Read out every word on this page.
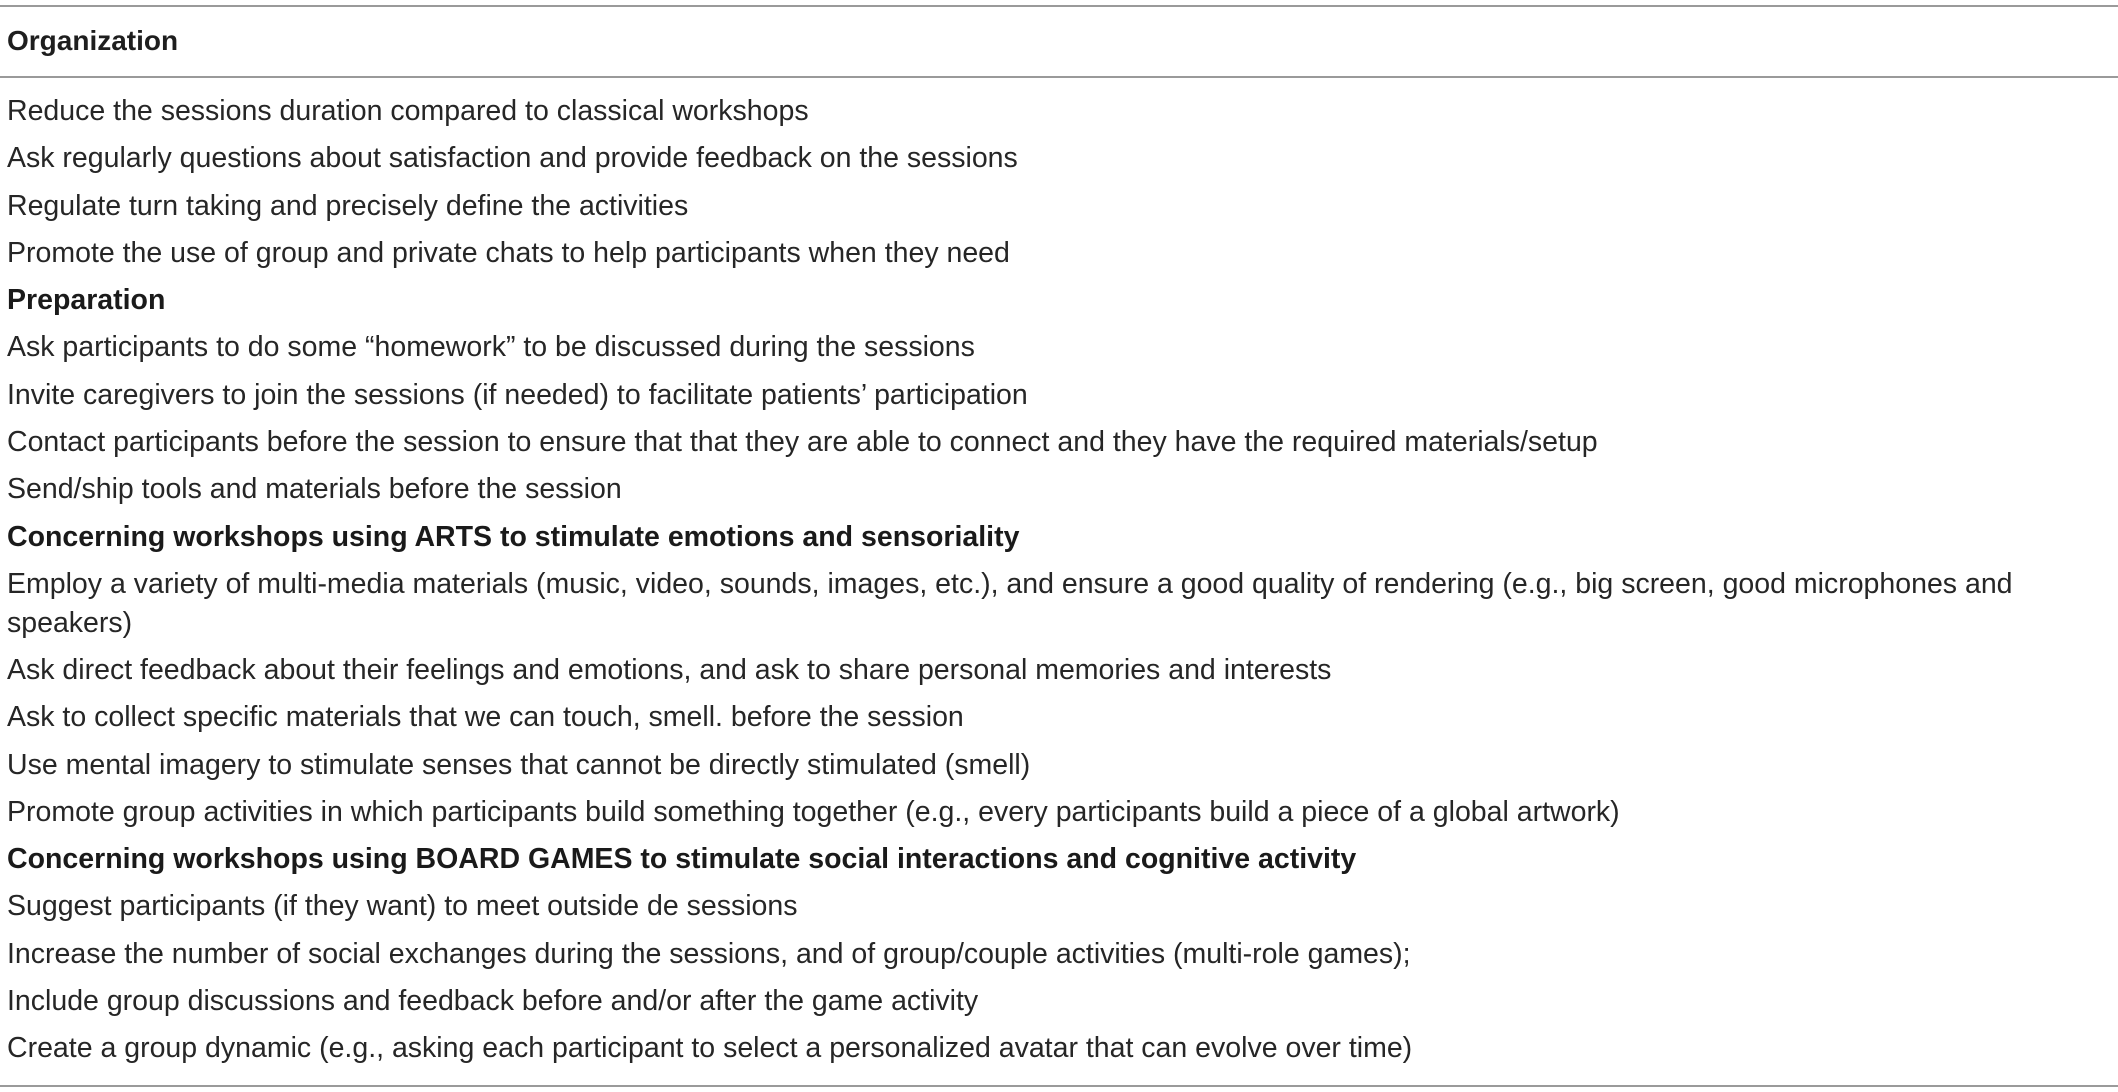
Organization
Reduce the sessions duration compared to classical workshops
Ask regularly questions about satisfaction and provide feedback on the sessions
Regulate turn taking and precisely define the activities
Promote the use of group and private chats to help participants when they need
Preparation
Ask participants to do some “homework” to be discussed during the sessions
Invite caregivers to join the sessions (if needed) to facilitate patients’ participation
Contact participants before the session to ensure that that they are able to connect and they have the required materials/setup
Send/ship tools and materials before the session
Concerning workshops using ARTS to stimulate emotions and sensoriality
Employ a variety of multi-media materials (music, video, sounds, images, etc.), and ensure a good quality of rendering (e.g., big screen, good microphones and speakers)
Ask direct feedback about their feelings and emotions, and ask to share personal memories and interests
Ask to collect specific materials that we can touch, smell. before the session
Use mental imagery to stimulate senses that cannot be directly stimulated (smell)
Promote group activities in which participants build something together (e.g., every participants build a piece of a global artwork)
Concerning workshops using BOARD GAMES to stimulate social interactions and cognitive activity
Suggest participants (if they want) to meet outside de sessions
Increase the number of social exchanges during the sessions, and of group/couple activities (multi-role games);
Include group discussions and feedback before and/or after the game activity
Create a group dynamic (e.g., asking each participant to select a personalized avatar that can evolve over time)
